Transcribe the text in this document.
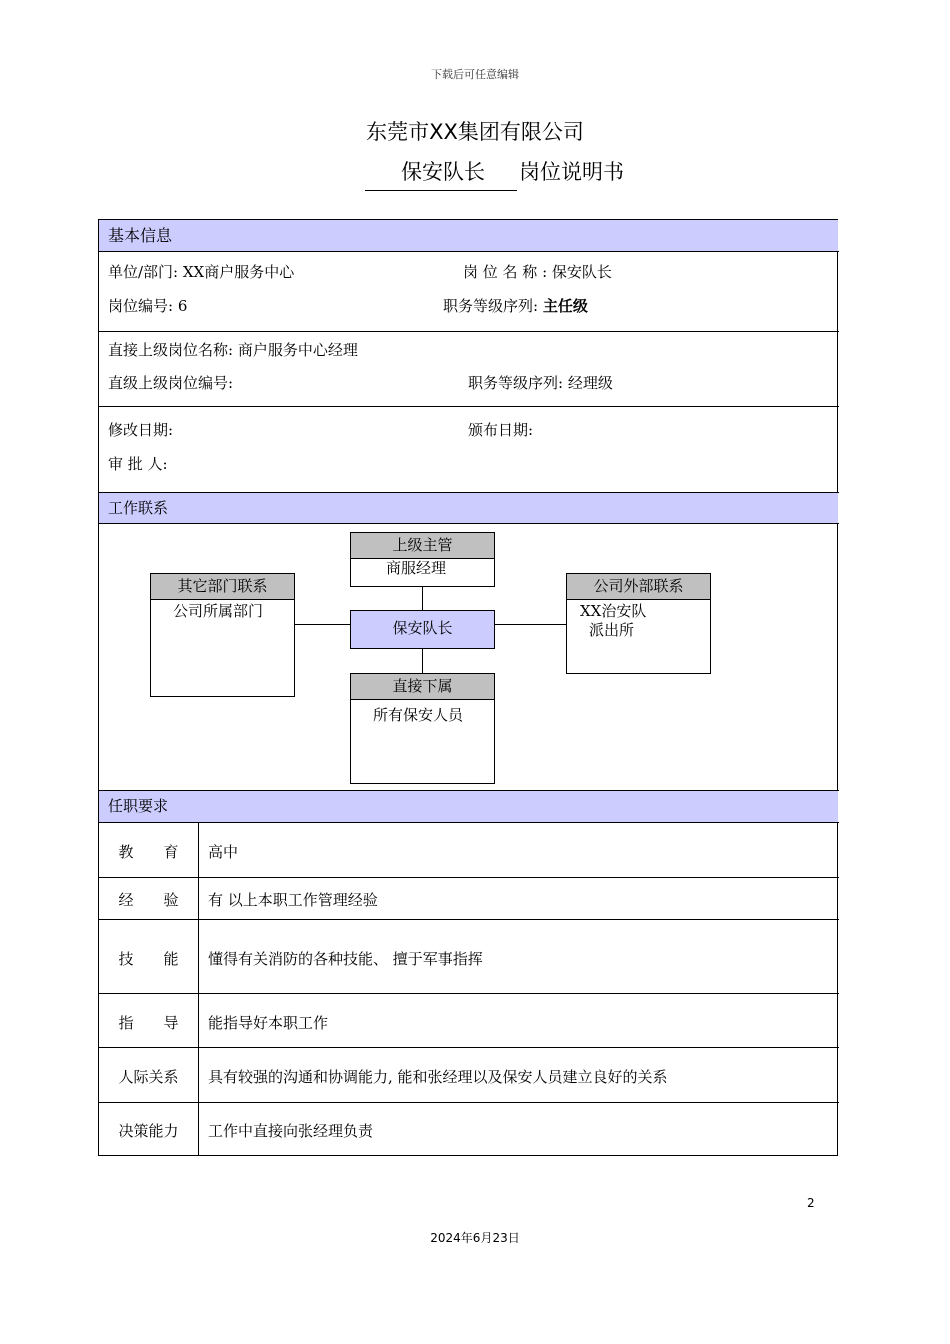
下载后可任意编辑
东莞市XX集团有限公司
保安队长 岗位说明书
基本信息
单位/部门: XX商户服务中心	岗 位 名 称 : 保安队长
岗位编号: 6	职务等级序列: 主任级
直接上级岗位名称: 商户服务中心经理
直级上级岗位编号:	职务等级序列: 经理级
修改日期:	颁布日期:
审 批 人:
工作联系
上级主管
商服经理
其它部门联系
公司所属部门
保安队长
公司外部联系
XX治安队
派出所
直接下属
所有保安人员
任职要求
教　　育	高中
经　　验	有 以上本职工作管理经验
技　　能	懂得有关消防的各种技能、 擅于军事指挥
指　　导	能指导好本职工作
人际关系	具有较强的沟通和协调能力, 能和张经理以及保安人员建立良好的关系
决策能力	工作中直接向张经理负责
2
2024年6月23日
